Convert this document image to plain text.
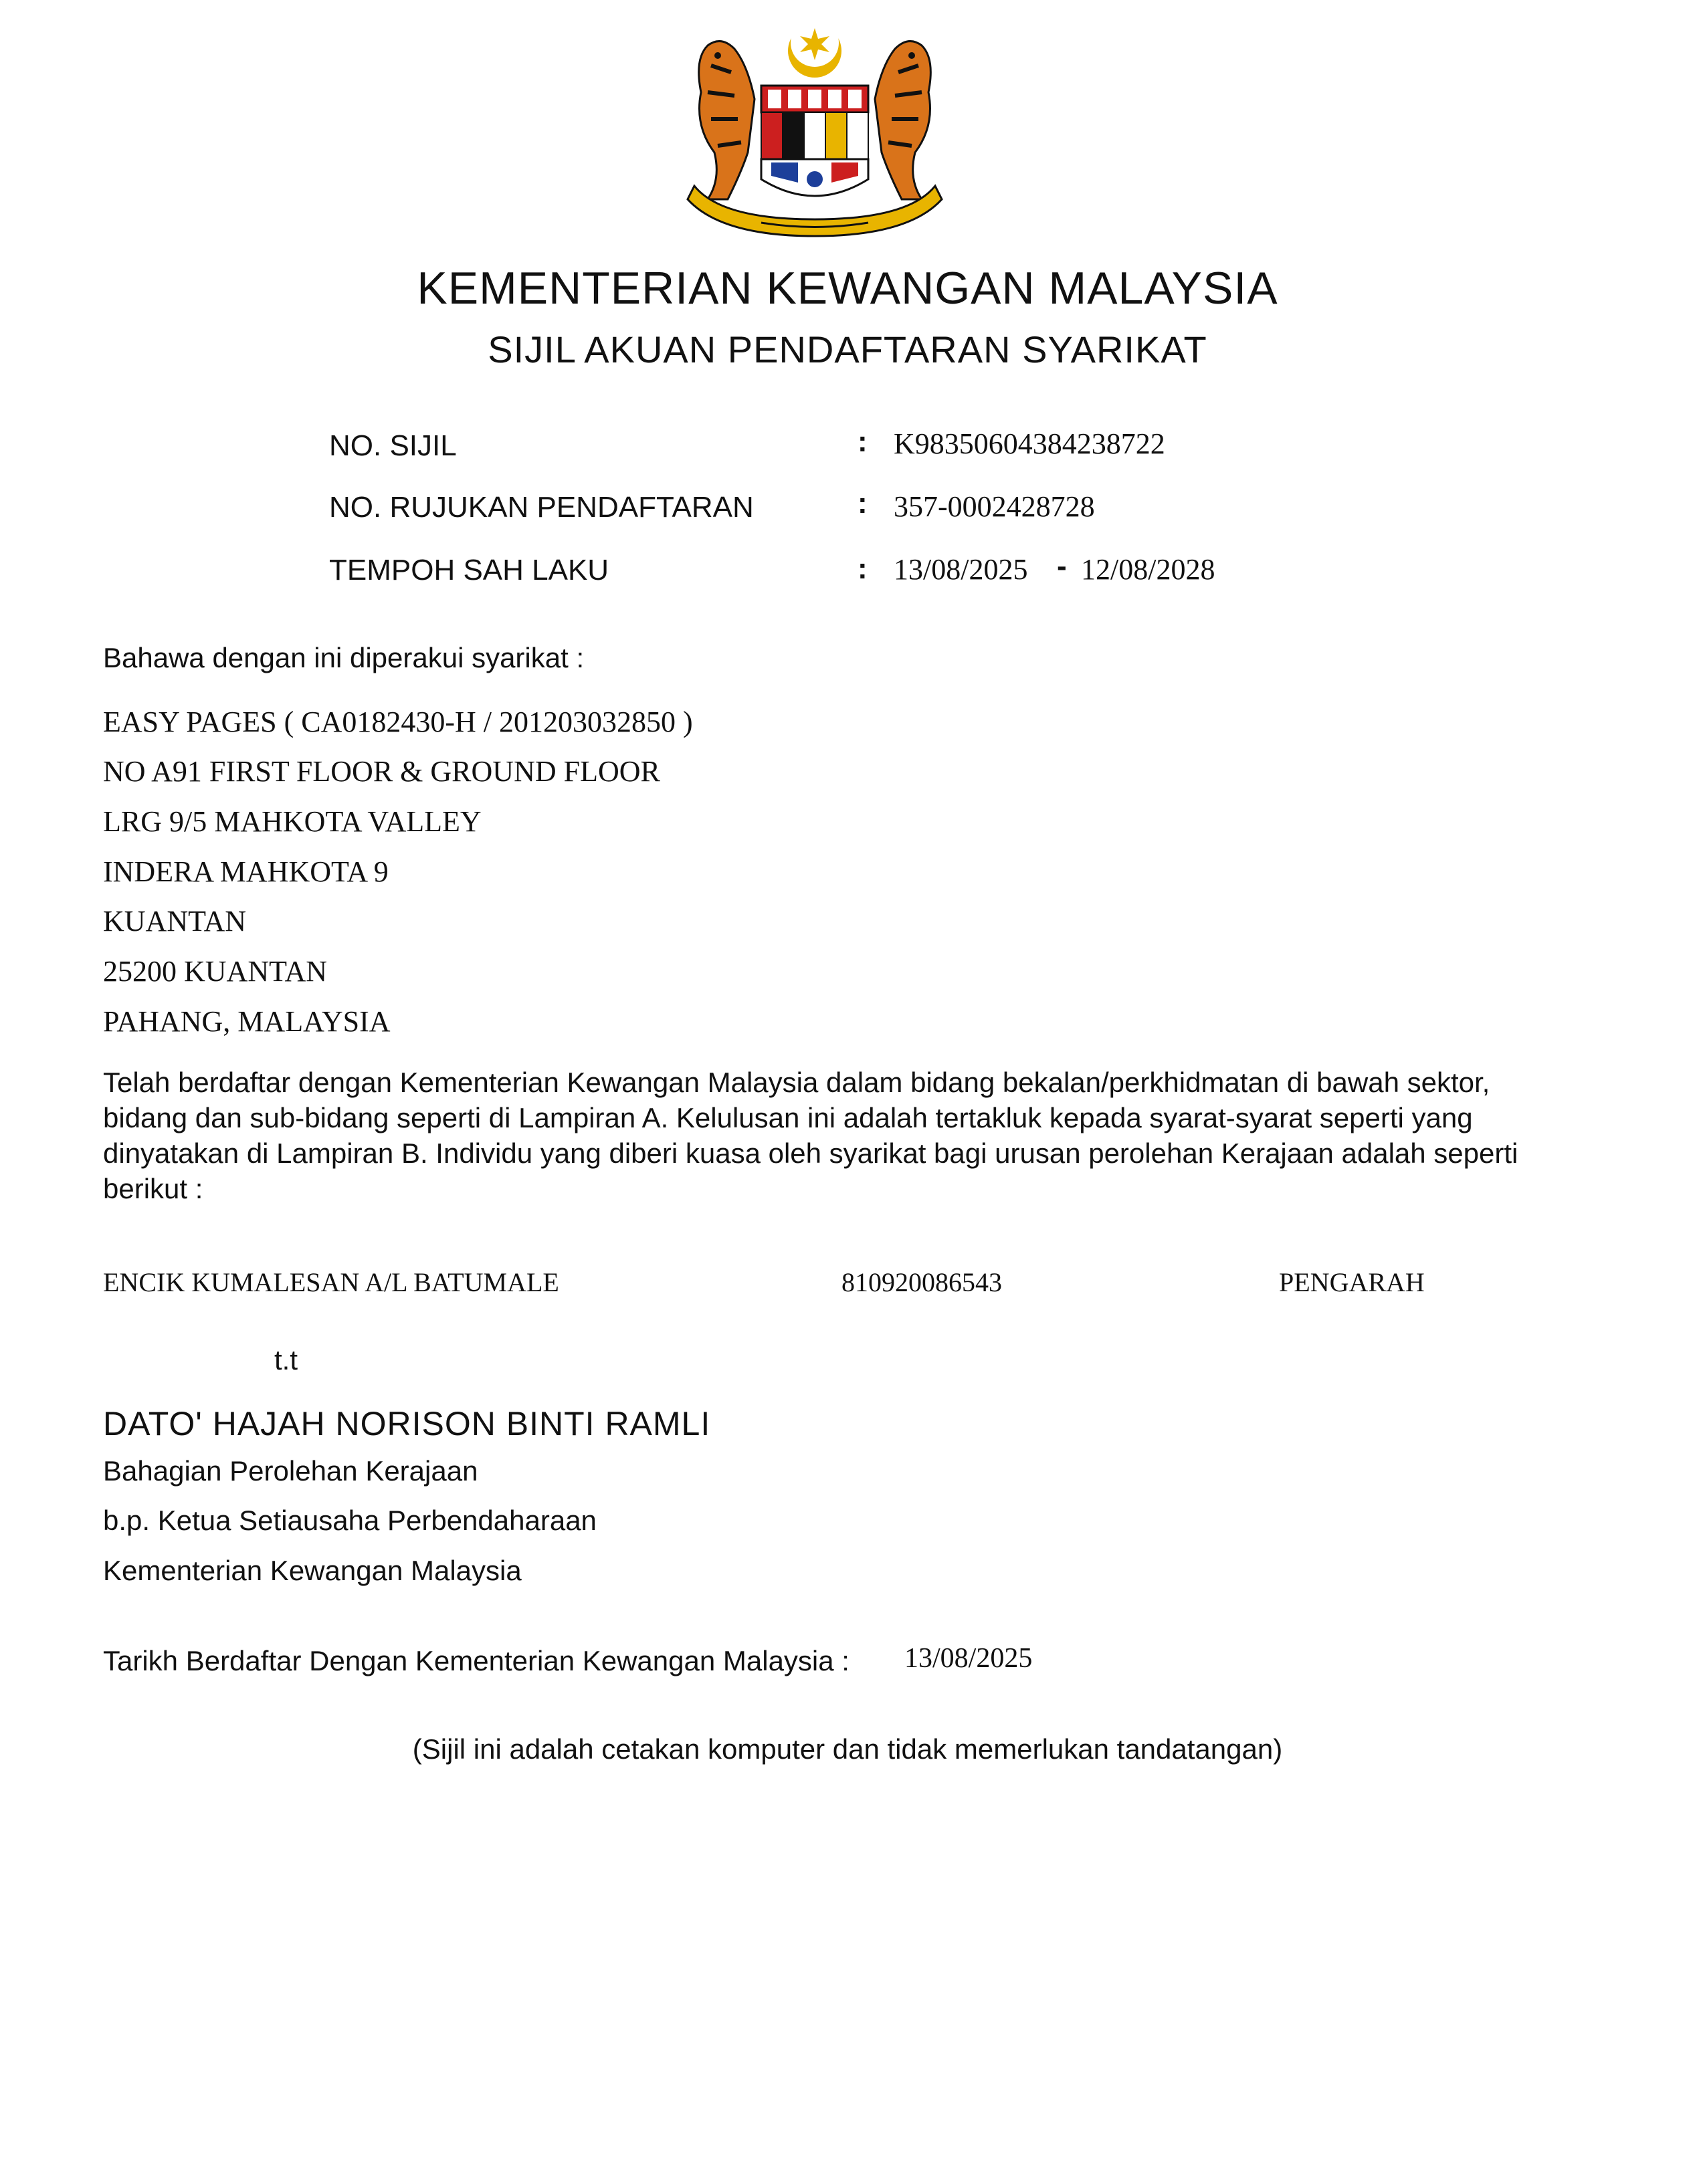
KEMENTERIAN KEWANGAN MALAYSIA
SIJIL AKUAN PENDAFTARAN SYARIKAT
NO. SIJIL	: K98350604384238722
NO. RUJUKAN PENDAFTARAN	: 357-0002428728
TEMPOH SAH LAKU	: 13/08/2025 - 12/08/2028
Bahawa dengan ini diperakui syarikat :
EASY PAGES ( CA0182430-H / 201203032850 )
NO A91 FIRST FLOOR & GROUND FLOOR
LRG 9/5 MAHKOTA VALLEY
INDERA MAHKOTA 9
KUANTAN
25200 KUANTAN
PAHANG, MALAYSIA
Telah berdaftar dengan Kementerian Kewangan Malaysia dalam bidang bekalan/perkhidmatan di bawah sektor, bidang dan sub-bidang seperti di Lampiran A. Kelulusan ini adalah tertakluk kepada syarat-syarat seperti yang dinyatakan di Lampiran B. Individu yang diberi kuasa oleh syarikat bagi urusan perolehan Kerajaan adalah seperti berikut :
ENCIK KUMALESAN A/L BATUMALE	810920086543	PENGARAH
t.t
DATO' HAJAH NORISON BINTI RAMLI
Bahagian Perolehan Kerajaan
b.p. Ketua Setiausaha Perbendaharaan
Kementerian Kewangan Malaysia
Tarikh Berdaftar Dengan Kementerian Kewangan Malaysia : 13/08/2025
(Sijil ini adalah cetakan komputer dan tidak memerlukan tandatangan)
